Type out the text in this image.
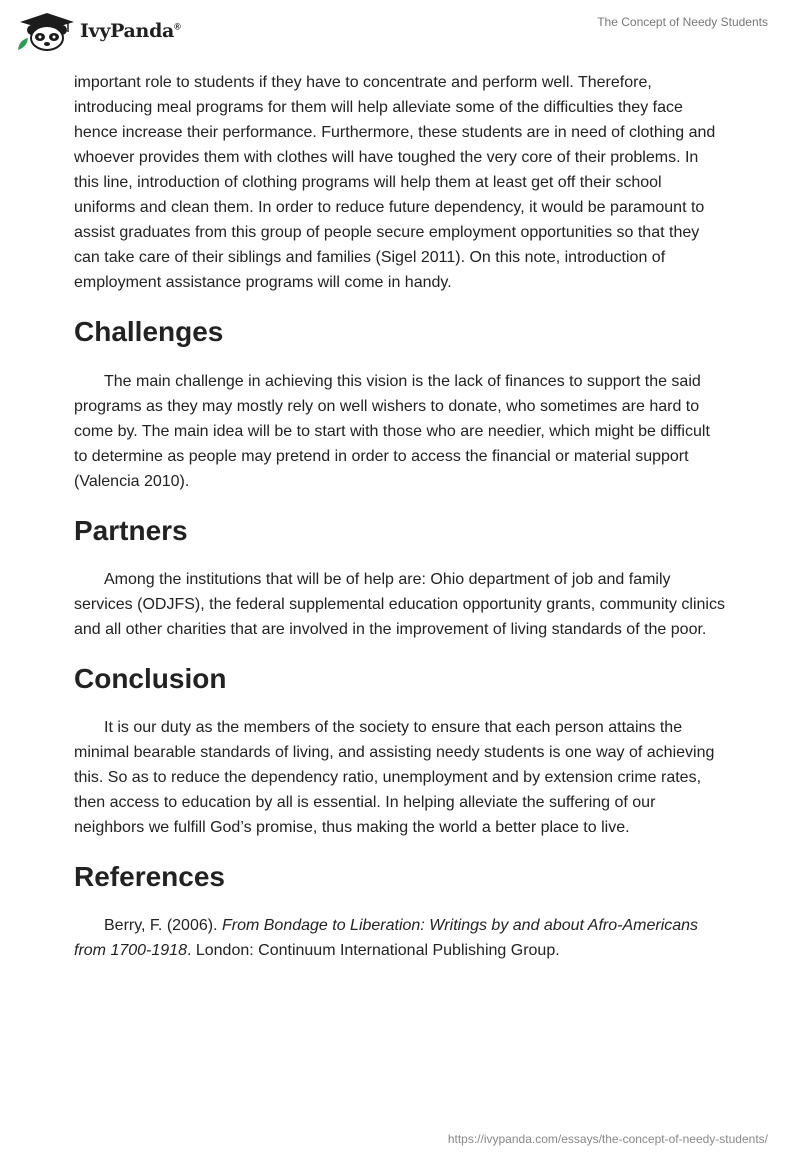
IvyPanda®	The Concept of Needy Students

important role to students if they have to concentrate and perform well. Therefore, introducing meal programs for them will help alleviate some of the difficulties they face hence increase their performance. Furthermore, these students are in need of clothing and whoever provides them with clothes will have toughed the very core of their problems. In this line, introduction of clothing programs will help them at least get off their school uniforms and clean them. In order to reduce future dependency, it would be paramount to assist graduates from this group of people secure employment opportunities so that they can take care of their siblings and families (Sigel 2011). On this note, introduction of employment assistance programs will come in handy.

Challenges

The main challenge in achieving this vision is the lack of finances to support the said programs as they may mostly rely on well wishers to donate, who sometimes are hard to come by. The main idea will be to start with those who are needier, which might be difficult to determine as people may pretend in order to access the financial or material support (Valencia 2010).

Partners

Among the institutions that will be of help are: Ohio department of job and family services (ODJFS), the federal supplemental education opportunity grants, community clinics and all other charities that are involved in the improvement of living standards of the poor.

Conclusion

It is our duty as the members of the society to ensure that each person attains the minimal bearable standards of living, and assisting needy students is one way of achieving this. So as to reduce the dependency ratio, unemployment and by extension crime rates, then access to education by all is essential. In helping alleviate the suffering of our neighbors we fulfill God’s promise, thus making the world a better place to live.

References

Berry, F. (2006). From Bondage to Liberation: Writings by and about Afro-Americans from 1700-1918. London: Continuum International Publishing Group.

https://ivypanda.com/essays/the-concept-of-needy-students/
